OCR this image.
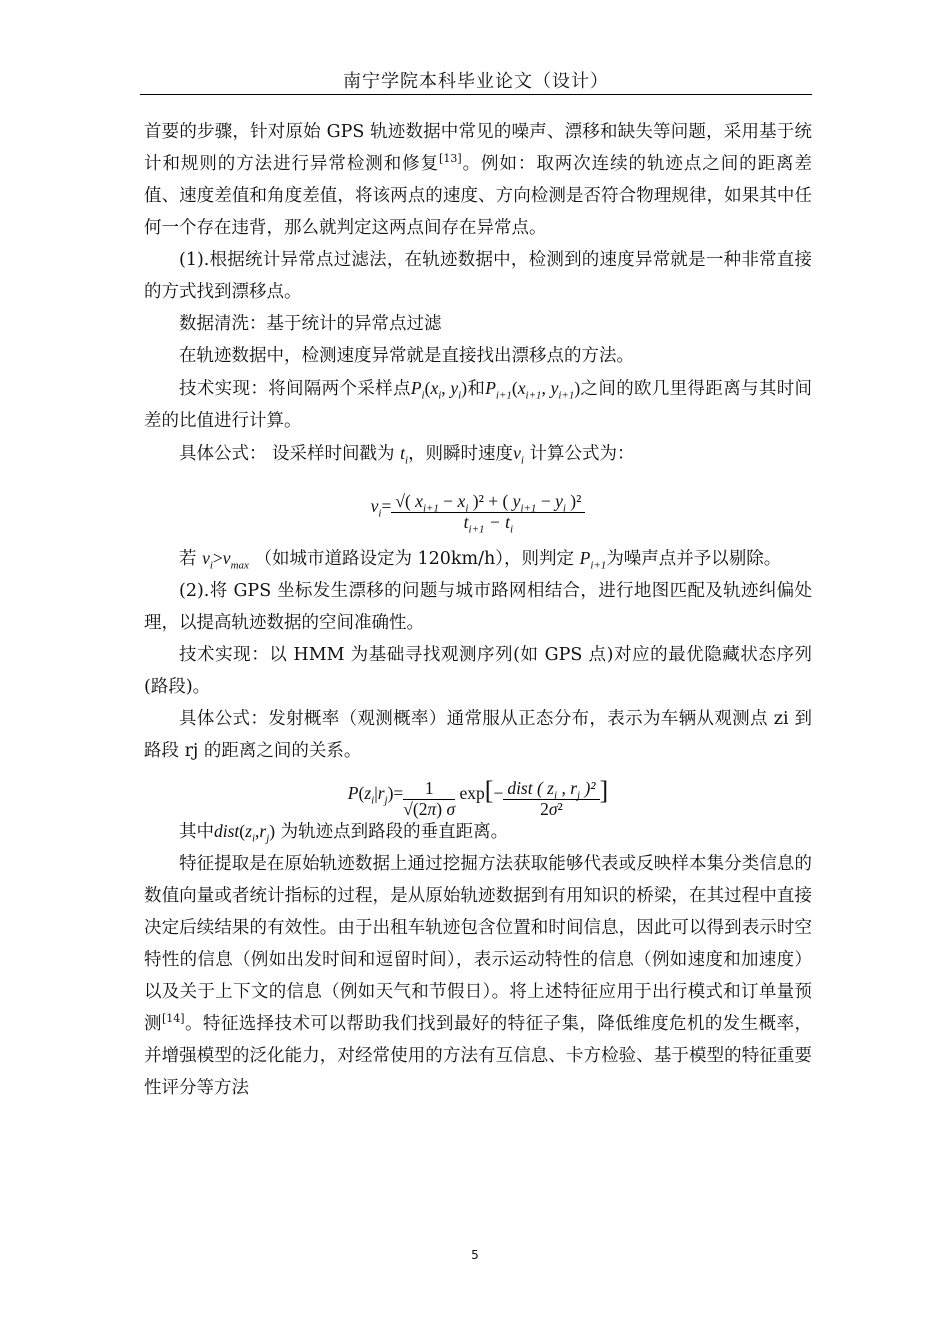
南宁学院本科毕业论文（设计）

首要的步骤，针对原始 GPS 轨迹数据中常见的噪声、漂移和缺失等问题，采用基于统计和规则的方法进行异常检测和修复[13]。例如：取两次连续的轨迹点之间的距离差值、速度差值和角度差值，将该两点的速度、方向检测是否符合物理规律，如果其中任何一个存在违背，那么就判定这两点间存在异常点。

(1).根据统计异常点过滤法，在轨迹数据中，检测到的速度异常就是一种非常直接的方式找到漂移点。

数据清洗：基于统计的异常点过滤

在轨迹数据中，检测速度异常就是直接找出漂移点的方法。

技术实现：将间隔两个采样点$P_i(x_i$, $y_i$)和$P_{i+1}(x_{i+1}$, $y_{i+1}$)之间的欧几里得距离与其时间差的比值进行计算。

具体公式： 设采样时间戳为 $t_i$，则瞬时速度$v_i$ 计算公式为：

$v_i= \frac{√( x_{i+1} - x_i )^2 + ( y_{i+1} - y_i )^2}{t_{i+1} - t_i}$

若 $v_i>v_{max}$ （如城市道路设定为 120km/h），则判定 $P_{i+1}$为噪声点并予以剔除。

(2).将 GPS 坐标发生漂移的问题与城市路网相结合，进行地图匹配及轨迹纠偏处理，以提高轨迹数据的空间准确性。

技术实现：以 HMM 为基础寻找观测序列(如 GPS 点)对应的最优隐藏状态序列(路段)。

具体公式：发射概率（观测概率）通常服从正态分布，表示为车辆从观测点 zi 到路段 rj 的距离之间的关系。

$P(z_i|r_j)= \frac{1}{√(2\pi) \sigma} \exp[- \frac{dist ( z_i , r_j )^2}{\text{2σ²}}$ ]

其中$dist(z_i,r_j)$ 为轨迹点到路段的垂直距离。

特征提取是在原始轨迹数据上通过挖掘方法获取能够代表或反映样本集分类信息的数值向量或者统计指标的过程，是从原始轨迹数据到有用知识的桥梁，在其过程中直接决定后续结果的有效性。由于出租车轨迹包含位置和时间信息，因此可以得到表示时空特性的信息（例如出发时间和逗留时间），表示运动特性的信息（例如速度和加速度）以及关于上下文的信息（例如天气和节假日）。将上述特征应用于出行模式和订单量预测[14]。特征选择技术可以帮助我们找到最好的特征子集，降低维度危机的发生概率，并增强模型的泛化能力，对经常使用的方法有互信息、卡方检验、基于模型的特征重要性评分等方法

5
